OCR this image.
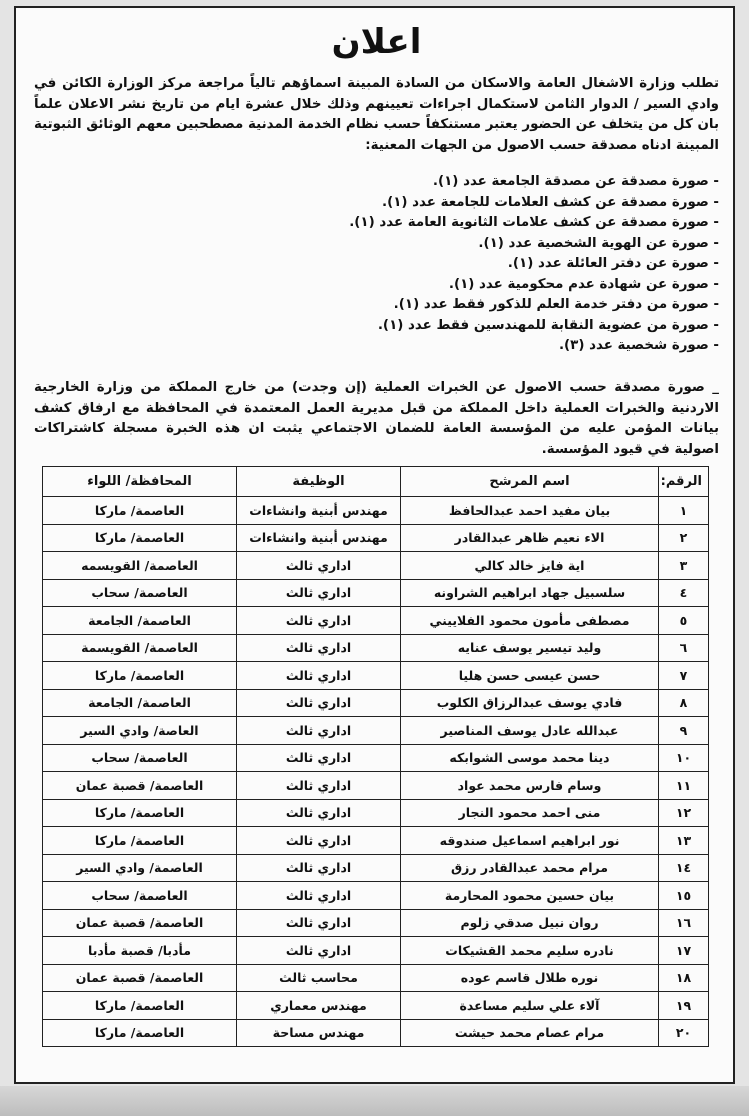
اعلان
تطلب وزارة الاشغال العامة والاسكان من السادة المبينة اسماؤهم تالياً مراجعة مركز الوزارة الكائن في وادي السير / الدوار الثامن لاستكمال اجراءات تعيينهم وذلك خلال عشرة ايام من تاريخ نشر الاعلان علماً بان كل من يتخلف عن الحضور يعتبر مستنكفاً حسب نظام الخدمة المدنية مصطحبين معهم الوثائق الثبوتية المبينة ادناه مصدقة حسب الاصول من الجهات المعنية:
- صورة مصدقة عن مصدقة الجامعة عدد (١).
- صورة مصدقة عن كشف العلامات للجامعة عدد (١).
- صورة مصدقة عن كشف علامات الثانوية العامة عدد (١).
- صورة عن الهوية الشخصية عدد (١).
- صورة عن دفتر العائلة عدد (١).
- صورة عن شهادة عدم محكومية عدد (١).
- صورة من دفتر خدمة العلم للذكور فقط عدد (١).
- صورة من عضوية النقابة للمهندسين فقط عدد (١).
- صورة شخصية عدد (٣).
_ صورة مصدقة حسب الاصول عن الخبرات العملية (إن وجدت) من خارج المملكة من وزارة الخارجية الاردنية والخبرات العملية داخل المملكة من قبل مديرية العمل المعتمدة في المحافظة مع ارفاق كشف بيانات المؤمن عليه من المؤسسة العامة للضمان الاجتماعي يثبت ان هذه الخبرة مسجلة كاشتراكات اصولية في قيود المؤسسة.
الرقم:	اسم المرشح	الوظيفة	المحافظة/ اللواء
١	بيان مفيد احمد عبدالحافظ	مهندس أبنية وانشاءات	العاصمة/ ماركا
٢	الاء نعيم ظاهر عبدالقادر	مهندس أبنية وانشاءات	العاصمة/ ماركا
٣	اية فايز خالد كالي	اداري ثالث	العاصمة/ القويسمه
٤	سلسبيل جهاد ابراهيم الشراونه	اداري ثالث	العاصمة/ سحاب
٥	مصطفى مأمون محمود الفلاييني	اداري ثالث	العاصمة/ الجامعة
٦	وليد تيسير يوسف عنايه	اداري ثالث	العاصمة/ القويسمة
٧	حسن عيسى حسن هليا	اداري ثالث	العاصمة/ ماركا
٨	فادي يوسف عبدالرزاق الكلوب	اداري ثالث	العاصمة/ الجامعة
٩	عبدالله عادل يوسف المناصير	اداري ثالث	العاصة/ وادي السير
١٠	دينا محمد موسى الشوابكه	اداري ثالث	العاصمة/ سحاب
١١	وسام فارس محمد عواد	اداري ثالث	العاصمة/ قصبة عمان
١٢	منى احمد محمود النجار	اداري ثالث	العاصمة/ ماركا
١٣	نور ابراهيم اسماعيل صندوقه	اداري ثالث	العاصمة/ ماركا
١٤	مرام محمد عبدالقادر رزق	اداري ثالث	العاصمة/ وادي السير
١٥	بيان حسين محمود المحارمة	اداري ثالث	العاصمة/ سحاب
١٦	روان نبيل صدقي زلوم	اداري ثالث	العاصمة/ قصبة عمان
١٧	نادره سليم محمد القشيكات	اداري ثالث	مأدبا/ قصبة مأدبا
١٨	نوره طلال قاسم عوده	محاسب ثالث	العاصمة/ قصبة عمان
١٩	آلاء علي سليم مساعدة	مهندس معماري	العاصمة/ ماركا
٢٠	مرام عصام محمد حيشت	مهندس مساحة	العاصمة/ ماركا
